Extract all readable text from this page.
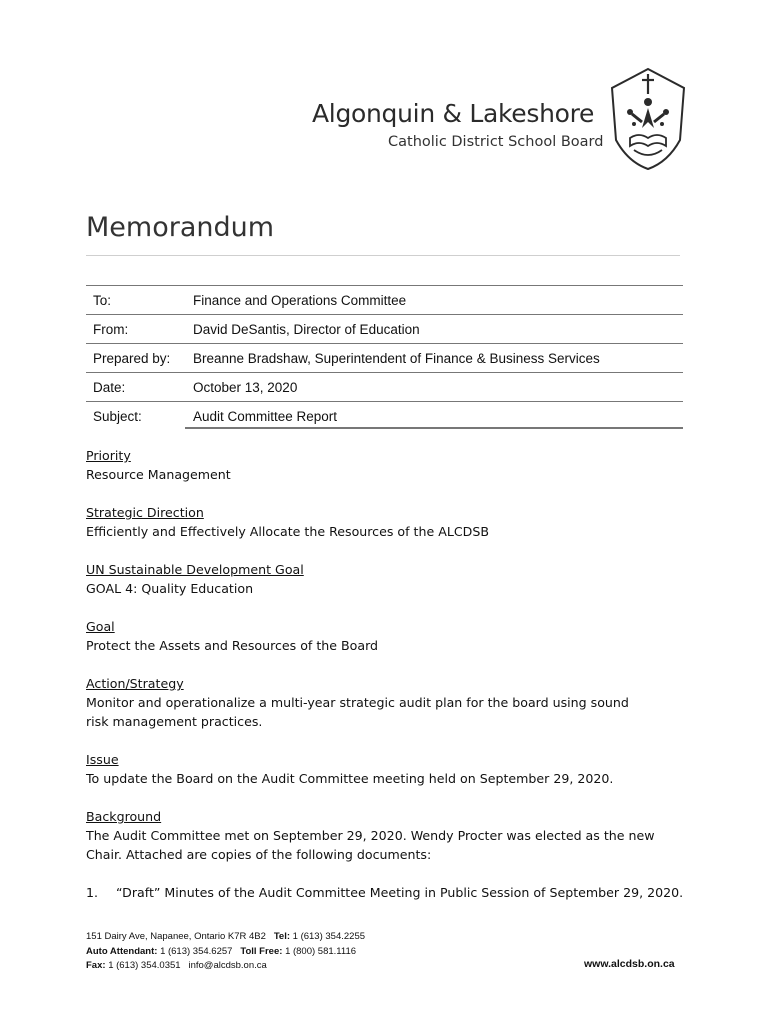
Algonquin & Lakeshore
Catholic District School Board
Memorandum
To:	Finance and Operations Committee
From:	David DeSantis, Director of Education
Prepared by:	Breanne Bradshaw, Superintendent of Finance & Business Services
Date:	October 13, 2020
Subject:	Audit Committee Report
Priority
Resource Management
Strategic Direction
Efficiently and Effectively Allocate the Resources of the ALCDSB
UN Sustainable Development Goal
GOAL 4: Quality Education
Goal
Protect the Assets and Resources of the Board
Action/Strategy
Monitor and operationalize a multi-year strategic audit plan for the board using sound risk management practices.
Issue
To update the Board on the Audit Committee meeting held on September 29, 2020.
Background
The Audit Committee met on September 29, 2020. Wendy Procter was elected as the new Chair. Attached are copies of the following documents:
1.	“Draft” Minutes of the Audit Committee Meeting in Public Session of September 29, 2020.
151 Dairy Ave, Napanee, Ontario K7R 4B2 Tel: 1 (613) 354.2255
Auto Attendant: 1 (613) 354.6257 Toll Free: 1 (800) 581.1116
Fax: 1 (613) 354.0351 info@alcdsb.on.ca	www.alcdsb.on.ca
